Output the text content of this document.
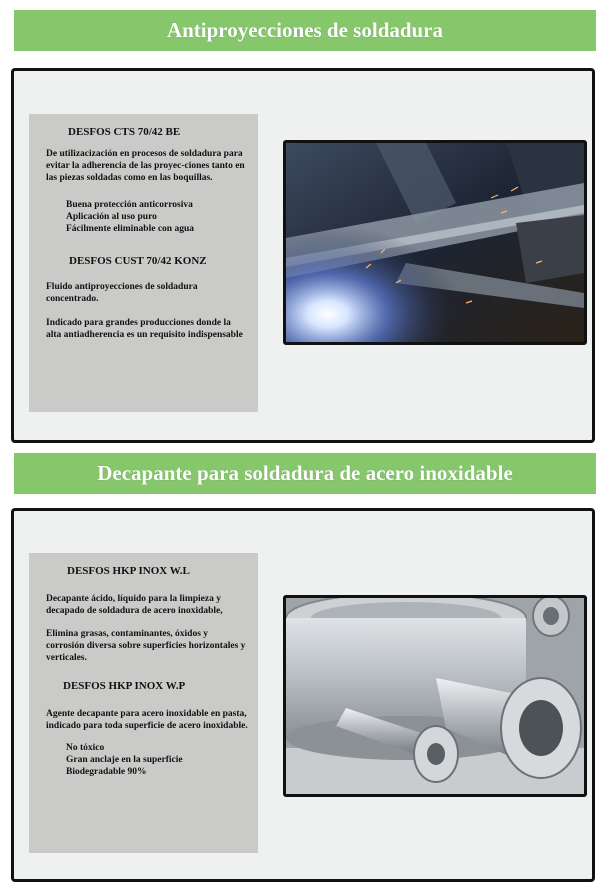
Antiproyecciones de soldadura
DESFOS CTS 70/42 BE

De utilizacización en procesos de soldadura para evitar la adherencia de las proyec-ciones tanto en las piezas soldadas como en las boquillas.

Buena protección anticorrosiva
Aplicación al uso puro
Fácilmente eliminable con agua
DESFOS CUST 70/42 KONZ

Fluido antiproyecciones de soldadura concentrado.

Indicado para grandes producciones donde la alta antiadherencia es un requisito indispensable

Decapante para soldadura de acero inoxidable
DESFOS HKP INOX W.L

Decapante ácido, líquido para la limpieza y decapado de soldadura de acero inoxidable,

Elimina grasas, contaminantes, óxidos y corrosión diversa sobre superficies horizontales y verticales.

DESFOS HKP INOX W.P

Agente decapante para acero inoxidable en pasta, indicado para toda superficie de acero inoxidable.

No tóxico
Gran anclaje en la superficie
Biodegradable 90%
